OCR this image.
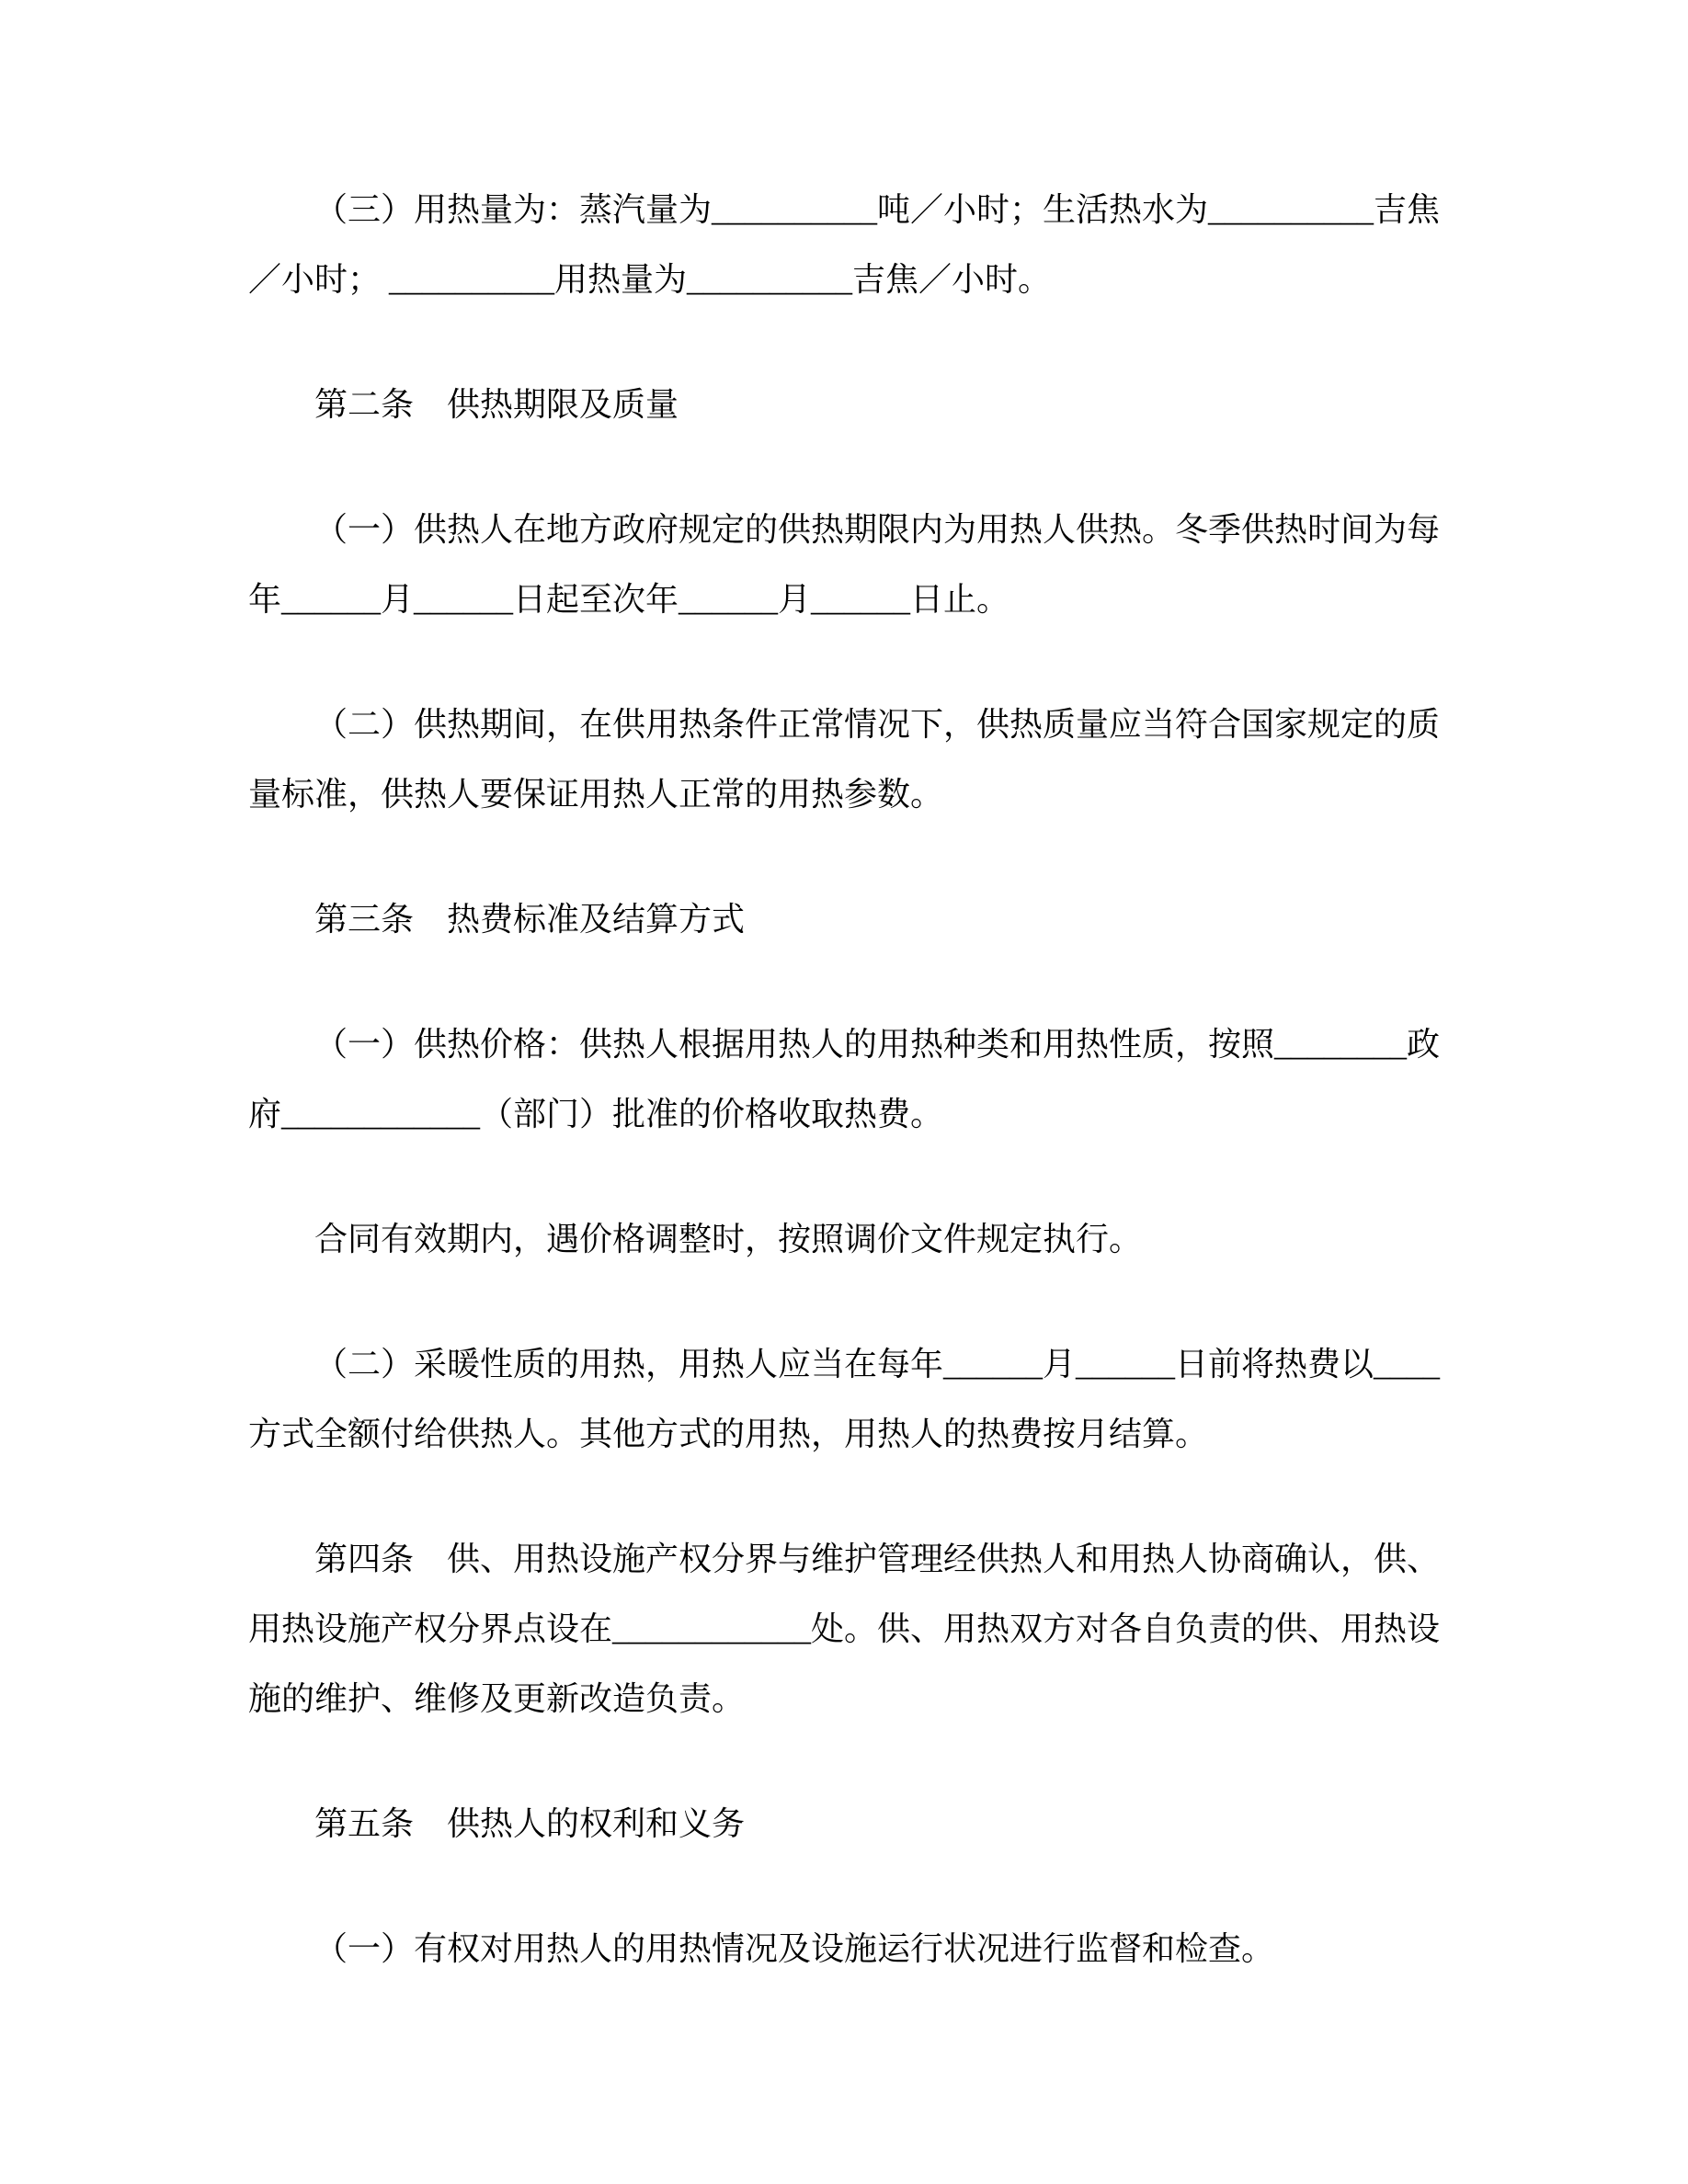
（三）用热量为：蒸汽量为__________吨／小时；生活热水为__________吉焦／小时； __________用热量为__________吉焦／小时。

第二条　供热期限及质量

（一）供热人在地方政府规定的供热期限内为用热人供热。冬季供热时间为每年______月______日起至次年______月______日止。

（二）供热期间，在供用热条件正常情况下，供热质量应当符合国家规定的质量标准，供热人要保证用热人正常的用热参数。

第三条　热费标准及结算方式

（一）供热价格：供热人根据用热人的用热种类和用热性质，按照________政府____________（部门）批准的价格收取热费。

合同有效期内，遇价格调整时，按照调价文件规定执行。

（二）采暖性质的用热，用热人应当在每年______月______日前将热费以____方式全额付给供热人。其他方式的用热，用热人的热费按月结算。

第四条　供、用热设施产权分界与维护管理经供热人和用热人协商确认，供、用热设施产权分界点设在____________处。供、用热双方对各自负责的供、用热设施的维护、维修及更新改造负责。

第五条　供热人的权利和义务

（一）有权对用热人的用热情况及设施运行状况进行监督和检查。
